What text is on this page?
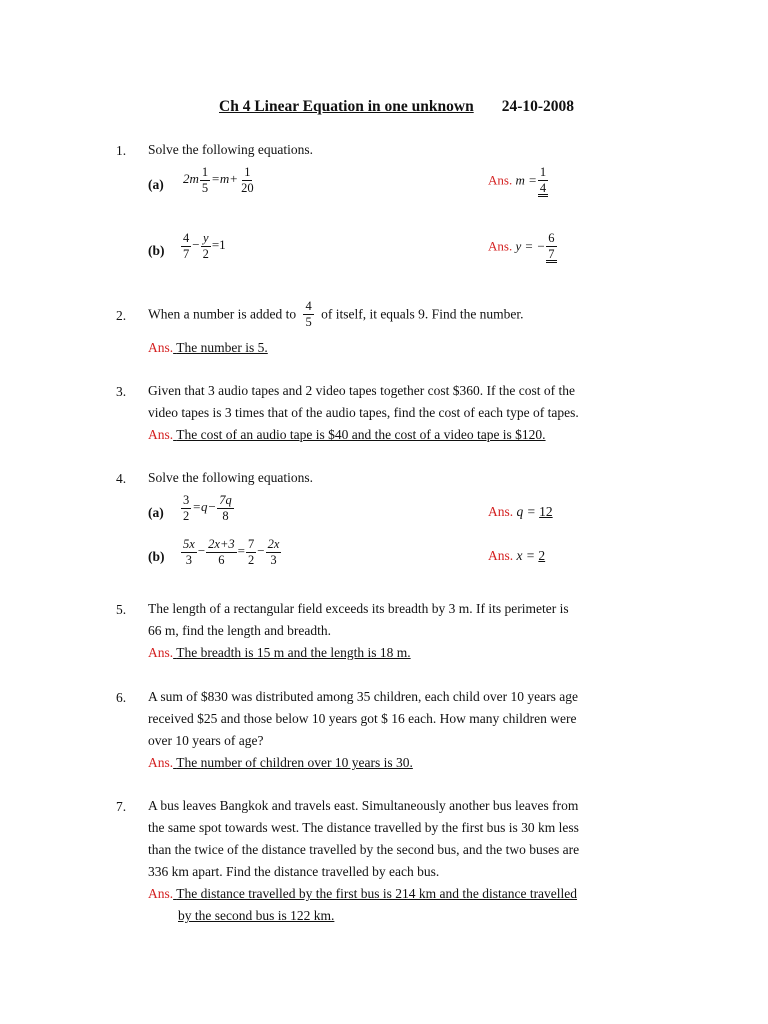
Ch 4 Linear Equation in one unknown 24-10-2008
1. Solve the following equations.
(a) $2m \frac{1}{5} =m+ \frac{1}{20}$	Ans. $m = \frac{1}{4}$
$(b) \frac{4}{7} - \frac{y}{2} =1$	Ans. y = − $\frac{6}{7}$
2. When a number is added to $\frac{4}{5}$ of itself, it equals 9. Find the number.
Ans. The number is 5.
3. Given that 3 audio tapes and 2 video tapes together cost $360. If the cost of the
video tapes is 3 times that of the audio tapes, find the cost of each type of tapes.
Ans. The cost of an audio tape is $40 and the cost of a video tape is $120.
4. Solve the following equations.
$(a) \frac{3}{2} =q- \frac{7q}{8}$	Ans. q = 12
$(b) \frac{5x}{3} - \frac{2x+3}{6} = \frac{7}{2} - \frac{2x}{3}$	Ans. x = 2
5. The length of a rectangular field exceeds its breadth by 3 m. If its perimeter is
66 m, find the length and breadth.
Ans. The breadth is 15 m and the length is 18 m.
6. A sum of $830 was distributed among 35 children, each child over 10 years age
received $25 and those below 10 years got $ 16 each. How many children were
over 10 years of age?
Ans. The number of children over 10 years is 30.
7. A bus leaves Bangkok and travels east. Simultaneously another bus leaves from
the same spot towards west. The distance travelled by the first bus is 30 km less
than the twice of the distance travelled by the second bus, and the two buses are
336 km apart. Find the distance travelled by each bus.
Ans. The distance travelled by the first bus is 214 km and the distance travelled
by the second bus is 122 km.
